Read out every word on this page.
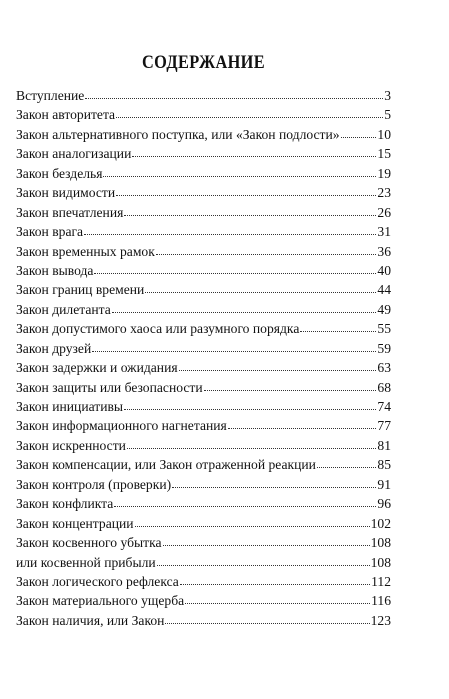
СОДЕРЖАНИЕ
Вступление	3
Закон авторитета	5
Закон альтернативного поступка, или «Закон подлости»	10
Закон аналогизации	15
Закон безделья	19
Закон видимости	23
Закон впечатления	26
Закон врага	31
Закон временных рамок	36
Закон вывода	40
Закон границ времени	44
Закон дилетанта	49
Закон допустимого хаоса или разумного порядка	55
Закон друзей	59
Закон задержки и ожидания	63
Закон защиты или безопасности	68
Закон инициативы	74
Закон информационного нагнетания	77
Закон искренности	81
Закон компенсации, или Закон отраженной реакции	85
Закон контроля (проверки)	91
Закон конфликта	96
Закон концентрации	102
Закон косвенного убытка	108
или косвенной прибыли	108
Закон логического рефлекса	112
Закон материального ущерба	116
Закон наличия, или Закон	123
